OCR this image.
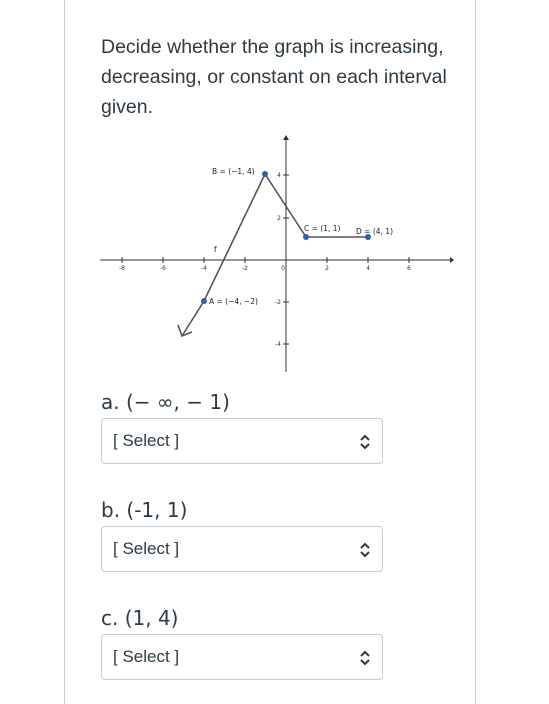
Decide whether the graph is increasing, decreasing, or constant on each interval given.
-8	-6	-4	-2	0	2	4	6
4
2
-2
-4
B = (−1, 4)
A = (−4, −2)
C = (1, 1) D = (4, 1)
f
a. (− ∞, − 1)
[ Select ]
b. (-1, 1)
[ Select ]
c. (1, 4)
[ Select ]
